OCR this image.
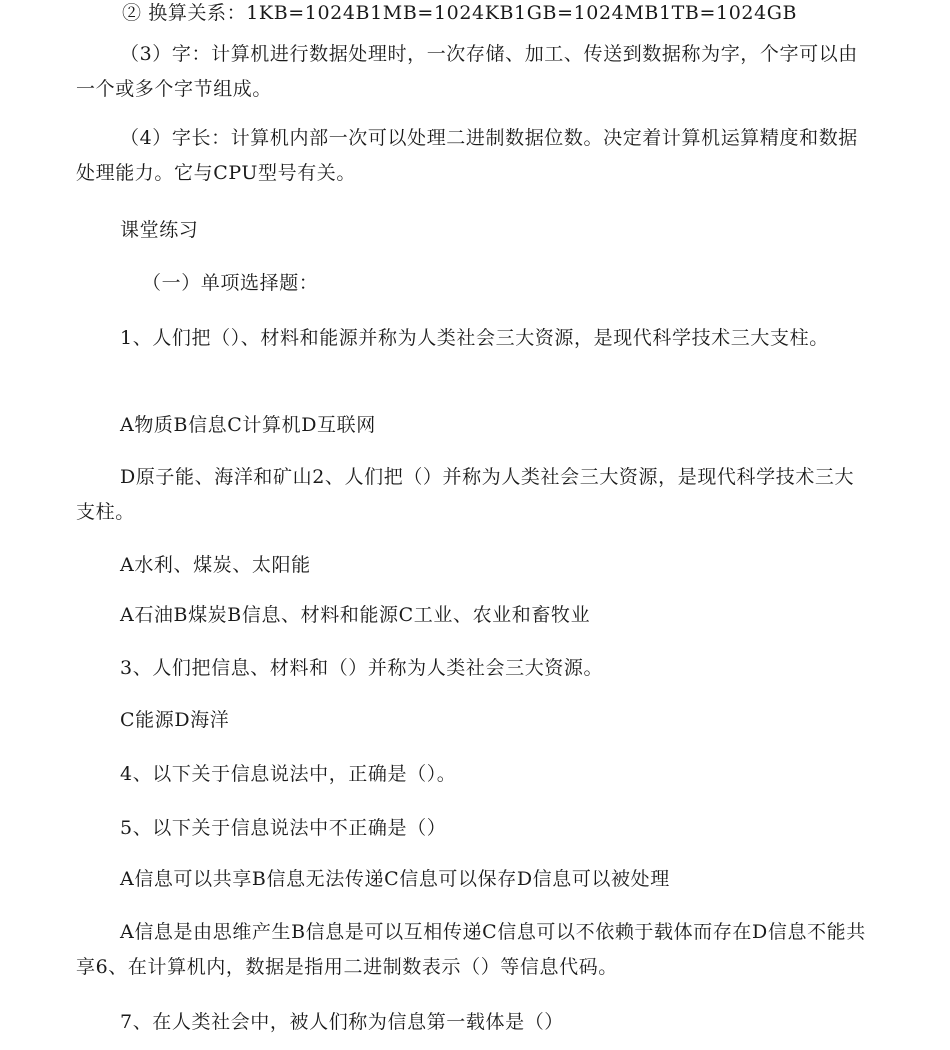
② 换算关系：1KB=1024B1MB=1024KB1GB=1024MB1TB=1024GB

（3）字：计算机进行数据处理时，一次存储、加工、传送到数据称为字，个字可以由一个或多个字节组成。

（4）字长：计算机内部一次可以处理二进制数据位数。决定着计算机运算精度和数据处理能力。它与CPU型号有关。

课堂练习

（一）单项选择题：

1、人们把（）、材料和能源并称为人类社会三大资源，是现代科学技术三大支柱。

A物质B信息C计算机D互联网

D原子能、海洋和矿山2、人们把（）并称为人类社会三大资源，是现代科学技术三大支柱。

A水利、煤炭、太阳能

A石油B煤炭B信息、材料和能源C工业、农业和畜牧业

3、人们把信息、材料和（）并称为人类社会三大资源。

C能源D海洋

4、以下关于信息说法中，正确是（）。

5、以下关于信息说法中不正确是（）

A信息可以共享B信息无法传递C信息可以保存D信息可以被处理

A信息是由思维产生B信息是可以互相传递C信息可以不依赖于载体而存在D信息不能共享6、在计算机内，数据是指用二进制数表示（）等信息代码。

7、在人类社会中，被人们称为信息第一载体是（）
